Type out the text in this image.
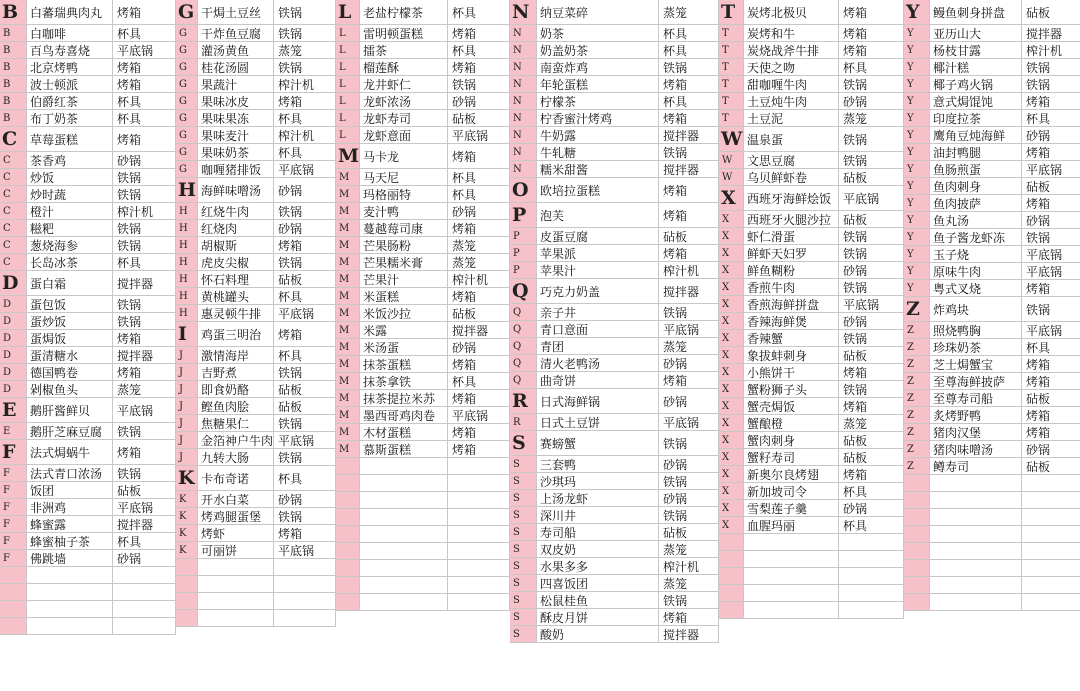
B 白蕃瑞典肉丸	烤箱
B	白咖啡	杯具
B	百鸟寿喜烧	平底锅
B	北京烤鸭	烤箱
B	波士顿派	烤箱
B	伯爵红茶	杯具
B	布丁奶茶	杯具
C	草莓蛋糕	烤箱
C	茶香鸡	砂锅
C	炒饭	铁锅
C	炒时蔬	铁锅
C	橙汁	榨汁机
C	糍粑	铁锅
C	葱烧海参	铁锅
C	长岛冰茶	杯具
D 蛋白霜	搅拌器
D	蛋包饭	铁锅
D	蛋炒饭	铁锅
D	蛋焗饭	烤箱
D	蛋清糖水	搅拌器
D	德国鸭卷	烤箱
D	剁椒鱼头	蒸笼
E	鹅肝酱鲜贝	平底锅
E	鹅肝芝麻豆腐	铁锅
F	法式焗蜗牛	烤箱
F	法式青口浓汤	铁锅
F	饭团	砧板
F	非洲鸡	平底锅
F	蜂蜜露	搅拌器
F	蜂蜜柚子茶	杯具
F	佛跳墙	砂锅
G 干焗土豆丝	铁锅
G	干炸鱼豆腐	铁锅
G	灌汤黄鱼	蒸笼
G	桂花汤圆	铁锅
G	果蔬汁	榨汁机
G	果味冰皮	烤箱
G	果味果冻	杯具
G	果味麦汁	榨汁机
G	果味奶茶	杯具
G	咖喱猪排饭	平底锅
H 海鲜味噌汤	砂锅
H	红烧牛肉	铁锅
H	红烧肉	砂锅
H	胡椒斯	烤箱
H	虎皮尖椒	铁锅
H	怀石料理	砧板
H	黄桃罐头	杯具
H	惠灵顿牛排	平底锅
I	鸡蛋三明治	烤箱
J	激情海岸	杯具
J	吉野煮	铁锅
J	即食奶酪	砧板
J	鲣鱼肉脍	砧板
J	焦糖果仁	铁锅
J	金箔神户牛肉 平底锅
J	九转大肠	铁锅
K 卡布奇诺	杯具
K	开水白菜	砂锅
K	烤鸡腿蛋堡	铁锅
K	烤虾	烤箱
K	可丽饼	平底锅
L 老盐柠檬茶	杯具
L	雷明顿蛋糕	烤箱
L	擂茶	杯具
L	榴莲酥	烤箱
L	龙井虾仁	铁锅
L	龙虾浓汤	砂锅
L	龙虾寿司	砧板
L	龙虾意面	平底锅
M 马卡龙	烤箱
M	马天尼	杯具
M	玛格丽特	杯具
M	麦汁鸭	砂锅
M	蔓越莓司康	烤箱
M	芒果肠粉	蒸笼
M	芒果糯米膏	蒸笼
M	芒果汁	榨汁机
M	米蛋糕	烤箱
M	米饭沙拉	砧板
M	米露	搅拌器
M	米汤蛋	砂锅
M	抹茶蛋糕	烤箱
M	抹茶拿铁	杯具
M	抹茶提拉米苏	烤箱
M	墨西哥鸡肉卷	平底锅
M	木材蛋糕	烤箱
M	慕斯蛋糕	烤箱
N 纳豆菜碎	蒸笼
N	奶茶	杯具
N	奶盖奶茶	杯具
N	南蛮炸鸡	铁锅
N	年轮蛋糕	烤箱
N	柠檬茶	杯具
N	柠香蜜汁烤鸡	烤箱
N	牛奶露	搅拌器
N	牛轧糖	铁锅
N	糯米甜酱	搅拌器
O 欧培拉蛋糕	烤箱
P	泡芙	烤箱
P	皮蛋豆腐	砧板
P	苹果派	烤箱
P	苹果汁	榨汁机
Q 巧克力奶盖	搅拌器
Q	亲子井	铁锅
Q	青口意面	平底锅
Q	青团	蒸笼
Q	清火老鸭汤	砂锅
Q	曲奇饼	烤箱
R	日式海鲜锅	砂锅
R	日式土豆饼	平底锅
S	赛螃蟹	铁锅
S	三套鸭	砂锅
S	沙琪玛	铁锅
S	上汤龙虾	砂锅
S	深川井	铁锅
S	寿司船	砧板
S	双皮奶	蒸笼
S	水果多多	榨汁机
S	四喜饭团	蒸笼
S	松鼠桂鱼	铁锅
S	酥皮月饼	烤箱
S	酸奶	搅拌器
T 炭烤北极贝	烤箱
T	炭烤和牛	烤箱
T	炭烧战斧牛排	烤箱
T	天使之吻	杯具
T	甜咖喱牛肉	铁锅
T	土豆炖牛肉	砂锅
T	土豆泥	蒸笼
W 温泉蛋	铁锅
W	文思豆腐	铁锅
W	乌贝鲜虾卷	砧板
X 西班牙海鲜烩饭 平底锅
X	西班牙火腿沙拉 砧板
X	虾仁滑蛋	铁锅
X	鲜虾天妇罗	铁锅
X	鲜鱼糊粉	砂锅
X	香煎牛肉	铁锅
X	香煎海鲜拼盘	平底锅
X	香辣海鲜煲	砂锅
X	香辣蟹	铁锅
X	象拔蚌刺身	砧板
X	小熊饼干	烤箱
X	蟹粉狮子头	铁锅
X	蟹壳焗饭	烤箱
X	蟹酿橙	蒸笼
X	蟹肉刺身	砧板
X	蟹籽寿司	砧板
X	新奥尔良烤翅	烤箱
X	新加坡司令	杯具
X	雪梨莲子羹	砂锅
X	血腥玛丽	杯具
Y	鳗鱼刺身拼盘	砧板
Y	亚历山大	搅拌器
Y	杨枝甘露	榨汁机
Y	椰汁糕	铁锅
Y	椰子鸡火锅	铁锅
Y	意式焗馄饨	烤箱
Y	印度拉茶	杯具
Y	鹰角豆炖海鲜	砂锅
Y	油封鸭腿	烤箱
Y	鱼肠煎蛋	平底锅
Y	鱼肉刺身	砧板
Y	鱼肉披萨	烤箱
Y	鱼丸汤	砂锅
Y	鱼子酱龙虾冻	铁锅
Y	玉子烧	平底锅
Y	原味牛肉	平底锅
Y	粤式叉烧	烤箱
Z	炸鸡块	铁锅
Z	照烧鸭胸	平底锅
Z	珍珠奶茶	杯具
Z	芝士焗蟹宝	烤箱
Z	至尊海鲜披萨	烤箱
Z	至尊寿司船	砧板
Z	炙烤野鸭	烤箱
Z	猪肉汉堡	烤箱
Z	猪肉味噌汤	砂锅
Z	鳟寿司	砧板
